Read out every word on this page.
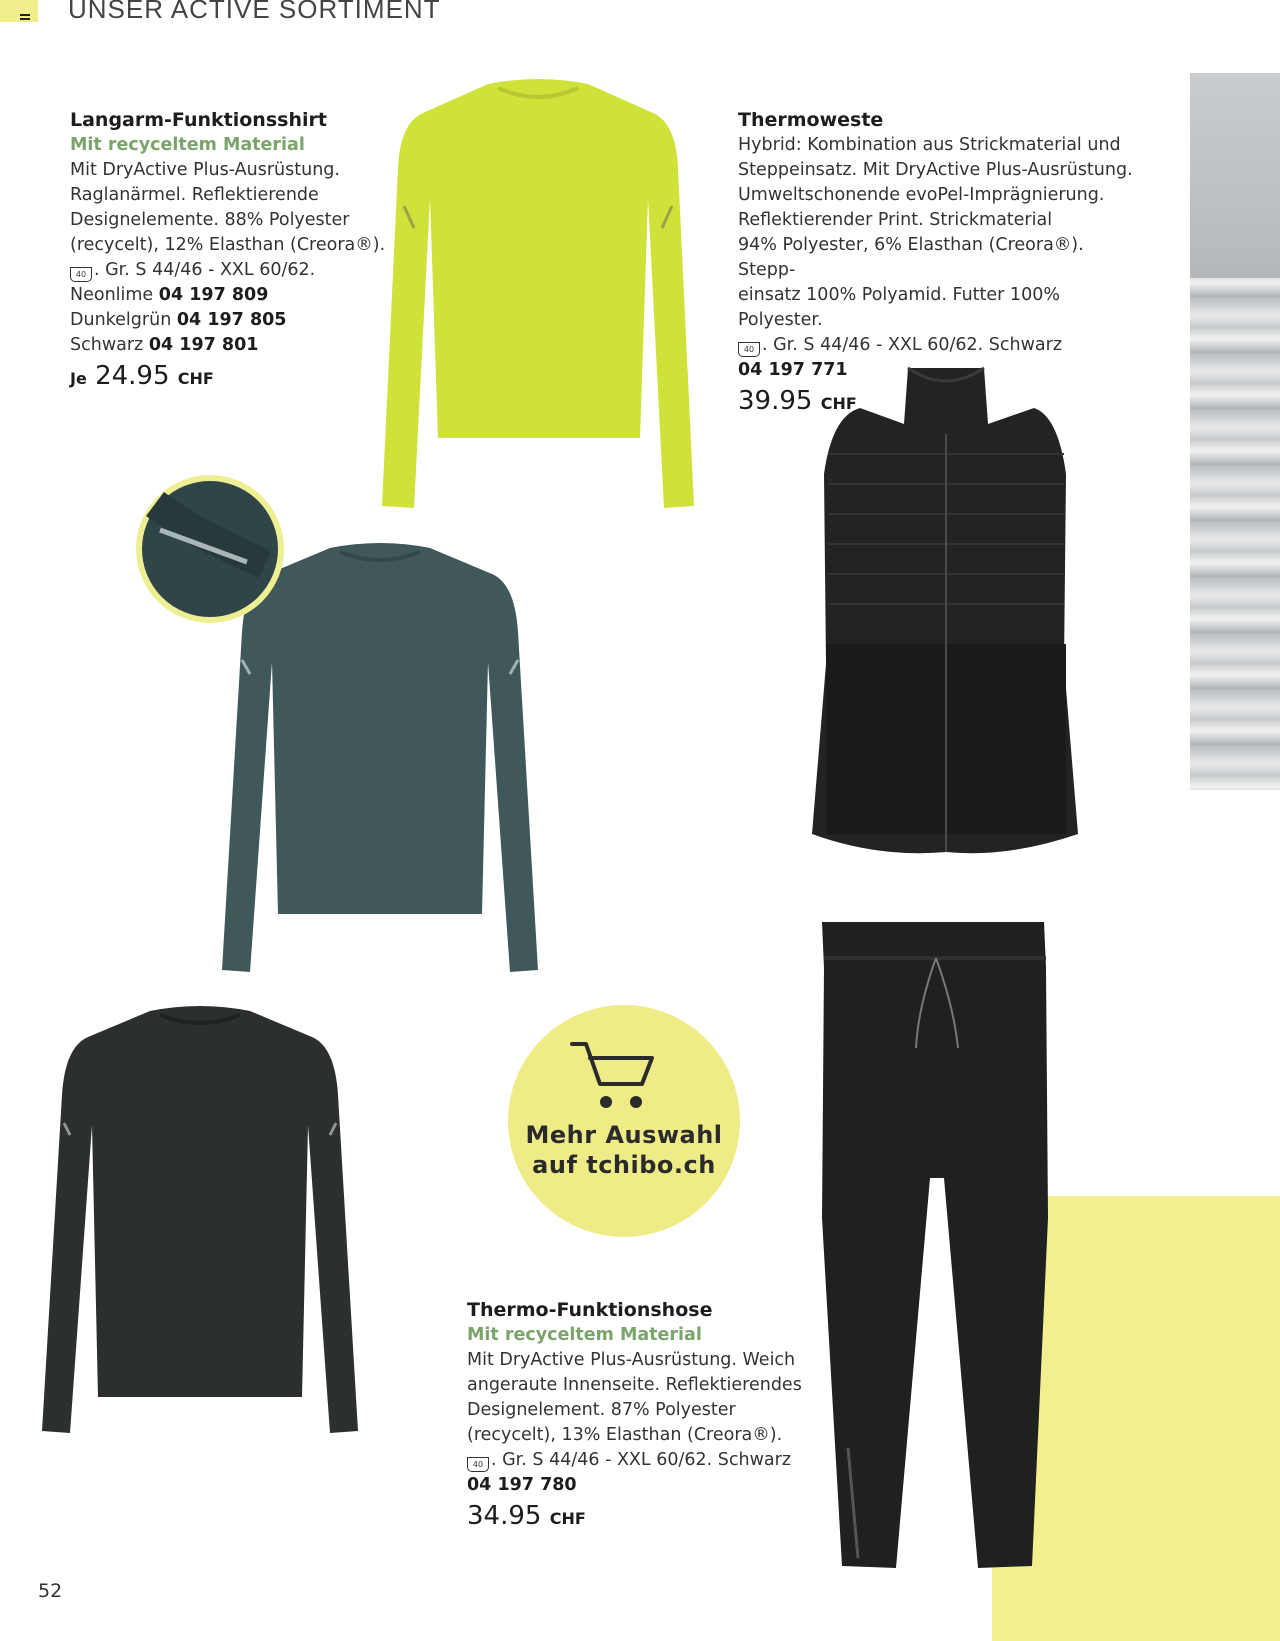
UNSER ACTIVE SORTIMENT
Langarm-Funktionsshirt
Mit recyceltem Material
Mit DryActive Plus-Ausrüstung.
Raglanärmel. Reflektierende
Designelemente. 88% Polyester
(recycelt), 12% Elasthan (Creora®).
40 . Gr. S 44/46 - XXL 60/62.
Neonlime 04 197 809
Dunkelgrün 04 197 805
Schwarz 04 197 801
Je 24.95 CHF
Thermoweste
Hybrid: Kombination aus Strickmaterial und
Steppeinsatz. Mit DryActive Plus-Ausrüstung.
Umweltschonende evoPel-Imprägnierung.
Reflektierender Print. Strickmaterial
94% Polyester, 6% Elasthan (Creora®). Stepp-
einsatz 100% Polyamid. Futter 100% Polyester.
40 . Gr. S 44/46 - XXL 60/62. Schwarz
04 197 771
39.95 CHF
Thermo-Funktionshose
Mit recyceltem Material
Mit DryActive Plus-Ausrüstung. Weich
angeraute Innenseite. Reflektierendes
Designelement. 87% Polyester
(recycelt), 13% Elasthan (Creora®).
40 . Gr. S 44/46 - XXL 60/62. Schwarz
04 197 780
34.95 CHF
Mehr Auswahl
auf tchibo.ch
52
